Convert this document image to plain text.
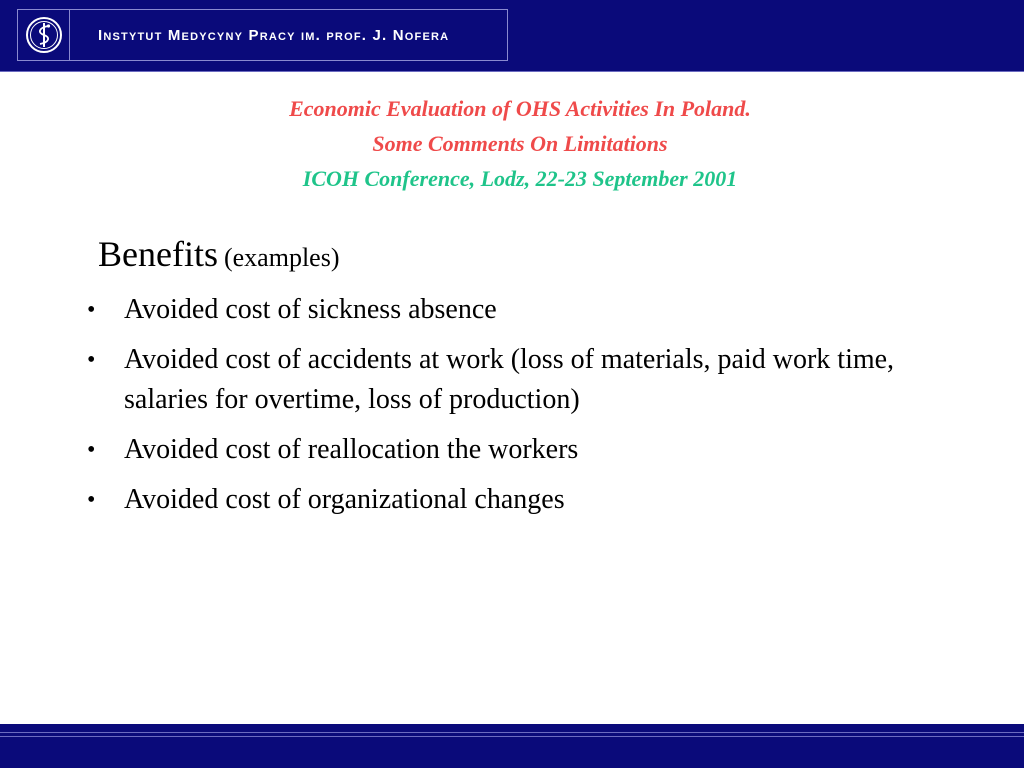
Instytut Medycyny Pracy im. prof. J. Nofera
Economic Evaluation of OHS Activities In Poland.
Some Comments On Limitations
ICOH Conference, Lodz, 22-23 September 2001
Benefits (examples)
• Avoided cost of sickness absence
• Avoided cost of accidents at work (loss of materials, paid work time, salaries for overtime, loss of production)
• Avoided cost of reallocation the workers
• Avoided cost of organizational changes
